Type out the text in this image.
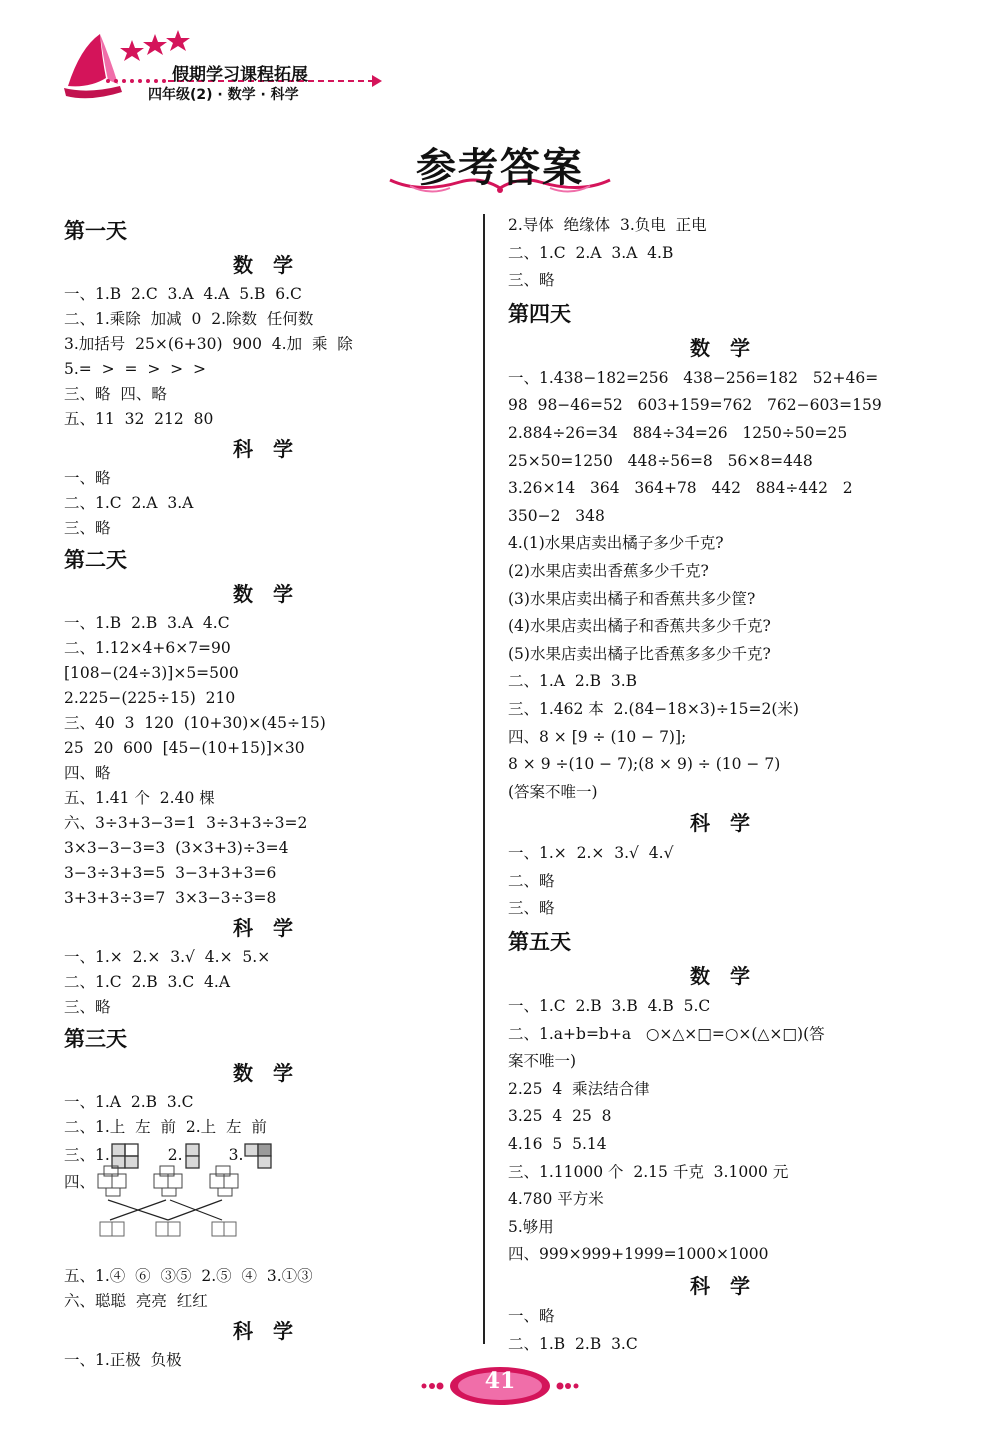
假期学习课程拓展
四年级(2) · 数学 · 科学
参考答案
第一天
数学
一、1.B  2.C  3.A  4.A  5.B  6.C
二、1.乘除  加减  0  2.除数  任何数
3.加括号  25×(6+30)  900  4.加  乘  除
5.=  >  =  >  >  >
三、略  四、略
五、11  32  212  80
科学
一、略
二、1.C  2.A  3.A
三、略
第二天
数学
一、1.B  2.B  3.A  4.C
二、1.12×4+6×7=90
[108−(24÷3)]×5=500
2.225−(225÷15)  210
三、40  3  120  (10+30)×(45÷15)
25  20  600  [45−(10+15)]×30
四、略
五、1.41 个  2.40 棵
六、3÷3+3−3=1  3÷3+3÷3=2
3×3−3−3=3  (3×3+3)÷3=4
3−3÷3+3=5  3−3+3+3=6
3+3+3÷3=7  3×3−3÷3=8
科学
一、1.×  2.×  3.√  4.×  5.×
二、1.C  2.B  3.C  4.A
三、略
第三天
数学
一、1.A  2.B  3.C
二、1.上  左  前  2.上  左  前
三、1.	2.	3.
四、
五、1.④  ⑥  ③⑤  2.⑤  ④  3.①③
六、聪聪  亮亮  红红
科学
一、1.正极  负极
2.导体  绝缘体  3.负电  正电
二、1.C  2.A  3.A  4.B
三、略
第四天
数学
一、1.438−182=256   438−256=182   52+46=
98  98−46=52   603+159=762   762−603=159
2.884÷26=34   884÷34=26   1250÷50=25
25×50=1250   448÷56=8   56×8=448
3.26×14   364   364+78   442   884÷442   2
350−2   348
4.(1)水果店卖出橘子多少千克?
(2)水果店卖出香蕉多少千克?
(3)水果店卖出橘子和香蕉共多少筐?
(4)水果店卖出橘子和香蕉共多少千克?
(5)水果店卖出橘子比香蕉多多少千克?
二、1.A  2.B  3.B
三、1.462 本  2.(84−18×3)÷15=2(米)
四、8 × [9 ÷ (10 − 7)];
8 × 9 ÷(10 − 7);(8 × 9) ÷ (10 − 7)
(答案不唯一)
科学
一、1.×  2.×  3.√  4.√
二、略
三、略
第五天
数学
一、1.C  2.B  3.B  4.B  5.C
二、1.a+b=b+a   ○×△×□=○×(△×□)(答
案不唯一)
2.25  4  乘法结合律
3.25  4  25  8
4.16  5  5.14
三、1.11000 个  2.15 千克  3.1000 元
4.780 平方米
5.够用
四、999×999+1999=1000×1000
科学
一、略
二、1.B  2.B  3.C
41
